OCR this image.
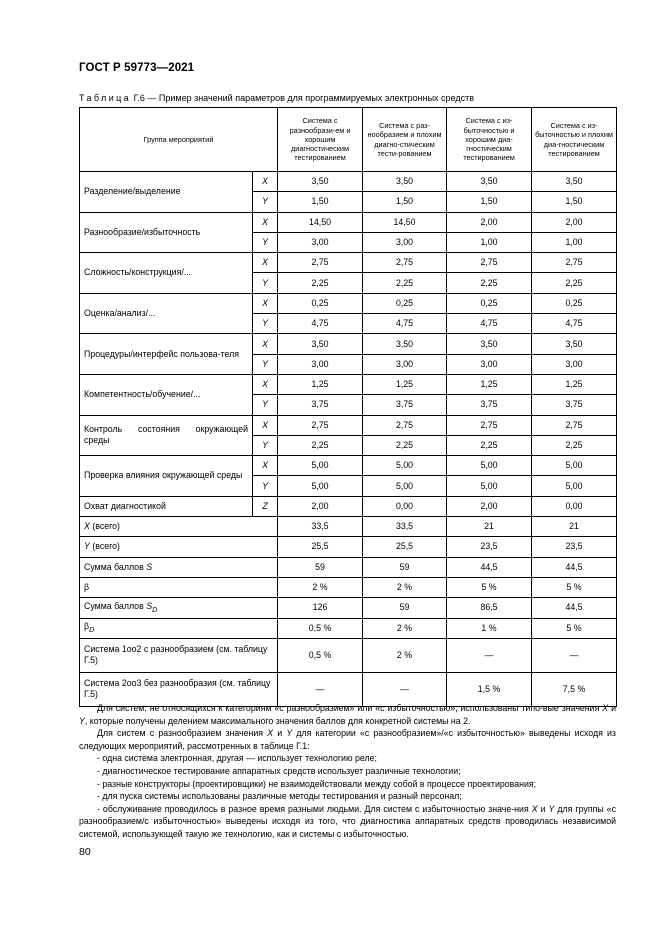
ГОСТ Р 59773—2021
Таблица Г.6 — Пример значений параметров для программируемых электронных средств
Группа мероприятий		Система с разнообрази-ем и хорошим диагностическим тестированием	Система с раз-нообразием и плохим диагно-стическим тести-рованием	Система с из-быточностью и хорошим диа-гностическим тестированием	Система с из-быточностью и плохим диа-гностическим тестированием
Разделение/выделение	X	3,50	3,50	3,50	3,50
	Y	1,50	1,50	1,50	1,50
Разнообразие/избыточность	X	14,50	14,50	2,00	2,00
	Y	3,00	3,00	1,00	1,00
Сложность/конструкция/...	X	2,75	2,75	2,75	2,75
	Y	2,25	2,25	2,25	2,25
Оценка/анализ/...	X	0,25	0,25	0,25	0,25
	Y	4,75	4,75	4,75	4,75
Процедуры/интерфейс пользова-теля	X	3,50	3,50	3,50	3,50
	Y	3,00	3,00	3,00	3,00
Компетентность/обучение/...	X	1,25	1,25	1,25	1,25
	Y	3,75	3,75	3,75	3,75
Контроль состояния окружающей среды	X	2,75	2,75	2,75	2,75
	Y	2,25	2,25	2,25	2,25
Проверка влияния окружающей среды	X	5,00	5,00	5,00	5,00
	Y	5,00	5,00	5,00	5,00
Охват диагностикой	Z	2,00	0,00	2,00	0,00
X (всего)		33,5	33,5	21	21
Y (всего)		25,5	25,5	23,5	23,5
Сумма баллов S		59	59	44,5	44,5
β		2 %	2 %	5 %	5 %
Сумма баллов $S_D$		126	59	86,5	44,5
$\beta_D$		0,5 %	2 %	1 %	5 %
Система 1оо2 с разнообразием (см. таблицу Г.5)		0,5 %	2 %	—	—
Система 2оо3 без разнообразия (см. таблицу Г.5)		—	—	1,5 %	7,5 %

Для систем, не относящихся к категориям «с разнообразием» или «с избыточностью», использованы типо-вые значения X и Y, которые получены делением максимального значения баллов для конкретной системы на 2.

Для систем с разнообразием значения X и Y для категории «с разнообразием»/«с избыточностью» выведены исходя из следующих мероприятий, рассмотренных в таблице Г.1:

- одна система электронная, другая — использует технологию реле;

- диагностическое тестирование аппаратных средств использует различные технологии;

- разные конструкторы (проектировщики) не взаимодействовали между собой в процессе проектирования;

- для пуска системы использованы различные методы тестирования и разный персонал;

- обслуживание проводилось в разное время разными людьми. Для систем с избыточностью значе-ния X и Y для группы «с разнообразием/с избыточностью» выведены исходя из того, что диагностика аппаратных средств проводилась независимой системой, использующей такую же технологию, как и системы с избыточностью.

80
